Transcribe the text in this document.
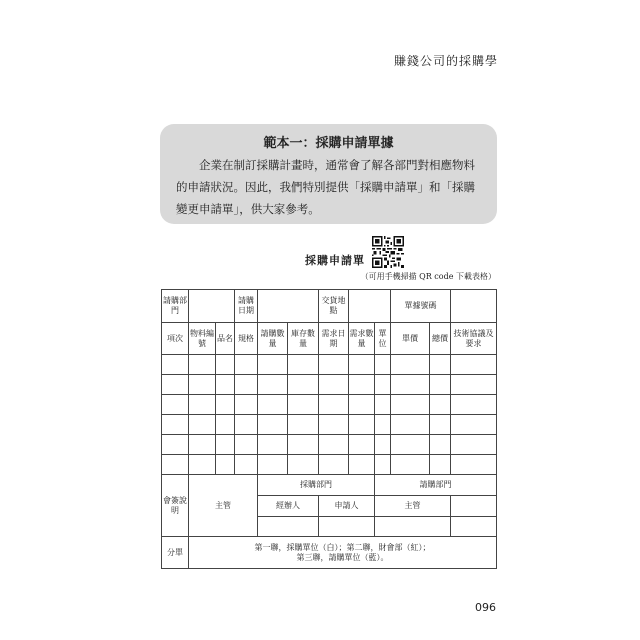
賺錢公司的採購學
範本一：採購申請單據
企業在制訂採購計畫時，通常會了解各部門對相應物料的申請狀況。因此，我們特別提供「採購申請單」和「採購變更申請單」，供大家參考。
採購申請單
（可用手機掃描 QR code 下載表格）
請購部門			請購日期			交貨地點			單據號碼		
項次	物料編號	品名	規格	請購數量	庫存數量	需求日期	需求數量	單位	單價	總價	技術協議及要求

會簽說明	主管			採購部門				請購部門			
				經辦人		申請人		主管			

分單	第一聯，採購單位（白）；第二聯，財會部（紅）；
第三聯，請購單位（藍）。										
096
